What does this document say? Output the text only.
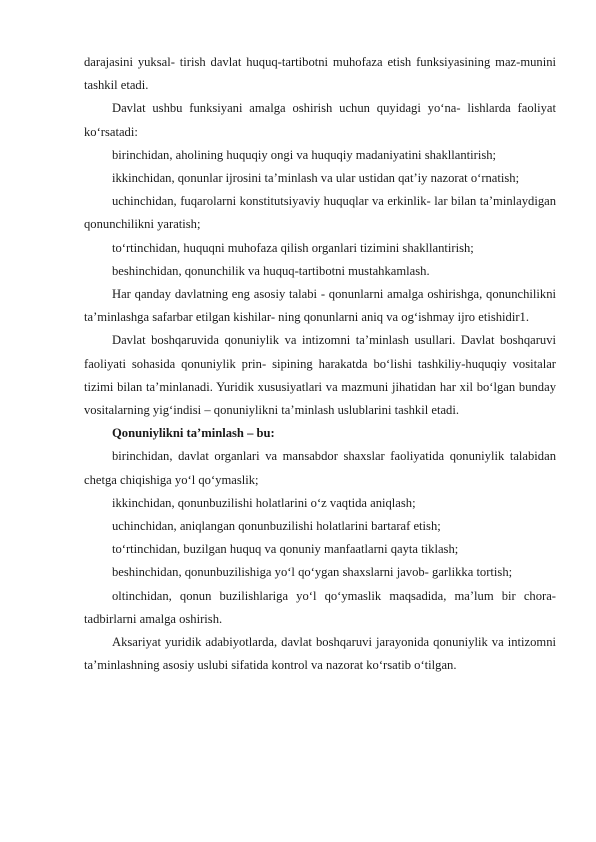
darajasini yuksal- tirish davlat huquq-tartibotni muhofaza etish funksiyasining maz-munini tashkil etadi.

Davlat ushbu funksiyani amalga oshirish uchun quyidagi yo‘na- lishlarda faoliyat ko‘rsatadi:

birinchidan, aholining huquqiy ongi va huquqiy madaniyatini shakllantirish;

ikkinchidan, qonunlar ijrosini ta’minlash va ular ustidan qat’iy nazorat o‘rnatish;

uchinchidan, fuqarolarni konstitutsiyaviy huquqlar va erkinlik- lar bilan ta’minlaydigan qonunchilikni yaratish;

to‘rtinchidan, huquqni muhofaza qilish organlari tizimini shakllantirish;

beshinchidan, qonunchilik va huquq-tartibotni mustahkamlash.

Har qanday davlatning eng asosiy talabi - qonunlarni amalga oshirishga, qonunchilikni ta’minlashga safarbar etilgan kishilar- ning qonunlarni aniq va og‘ishmay ijro etishidir1.

Davlat boshqaruvida qonuniylik va intizomni ta’minlash usullari. Davlat boshqaruvi faoliyati sohasida qonuniylik prin- sipining harakatda bo‘lishi tashkiliy-huquqiy vositalar tizimi bilan ta’minlanadi. Yuridik xususiyatlari va mazmuni jihatidan har xil bo‘lgan bunday vositalarning yig‘indisi – qonuniylikni ta’minlash uslublarini tashkil etadi.

Qonuniylikni ta’minlash – bu:

birinchidan, davlat organlari va mansabdor shaxslar faoliyatida qonuniylik talabidan chetga chiqishiga yo‘l qo‘ymaslik;

ikkinchidan, qonunbuzilishi holatlarini o‘z vaqtida aniqlash;

uchinchidan, aniqlangan qonunbuzilishi holatlarini bartaraf etish;

to‘rtinchidan, buzilgan huquq va qonuniy manfaatlarni qayta tiklash;

beshinchidan, qonunbuzilishiga yo‘l qo‘ygan shaxslarni javob- garlikka tortish;

oltinchidan, qonun buzilishlariga yo‘l qo‘ymaslik maqsadida, ma’lum bir chora-tadbirlarni amalga oshirish.

Aksariyat yuridik adabiyotlarda, davlat boshqaruvi jarayonida qonuniylik va intizomni ta’minlashning asosiy uslubi sifatida kontrol va nazorat ko‘rsatib o‘tilgan.
